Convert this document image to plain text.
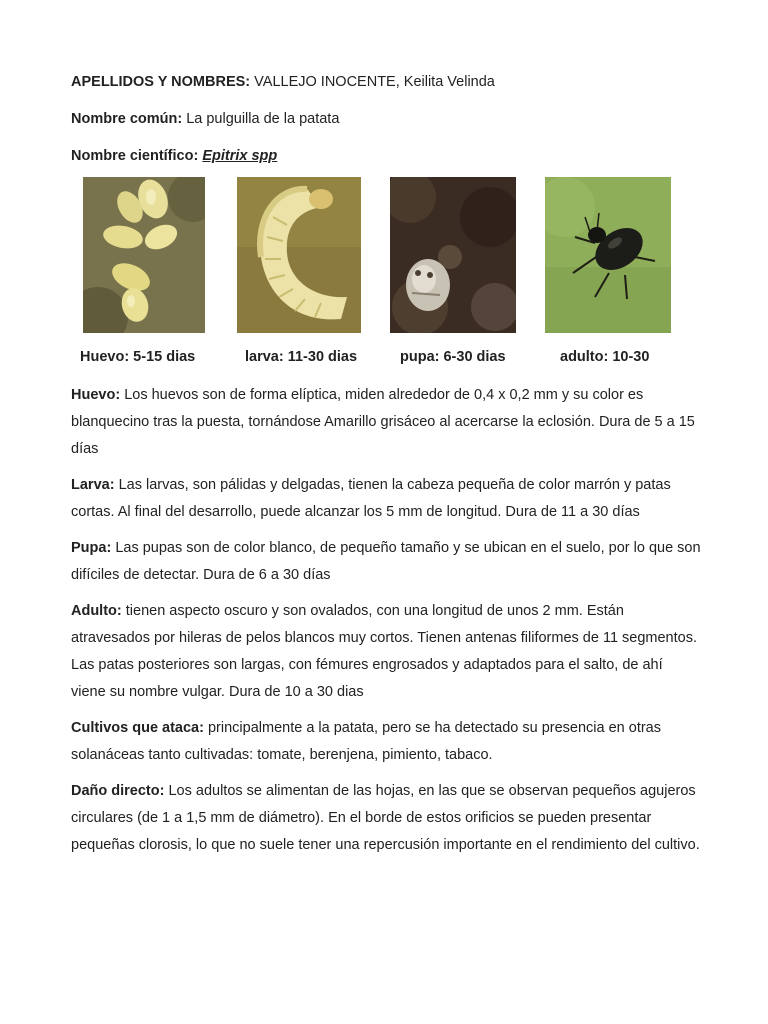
APELLIDOS Y NOMBRES: VALLEJO INOCENTE, Keilita Velinda

Nombre común: La pulguilla de la patata

Nombre científico: Epitrix spp

Huevo: 5-15 dias	larva: 11-30 dias	pupa: 6-30 dias	adulto: 10-30

Huevo: Los huevos son de forma elíptica, miden alrededor de 0,4 x 0,2 mm y su color es blanquecino tras la puesta, tornándose Amarillo grisáceo al acercarse la eclosión. Dura de 5 a 15 días

Larva: Las larvas, son pálidas y delgadas, tienen la cabeza pequeña de color marrón y patas cortas. Al final del desarrollo, puede alcanzar los 5 mm de longitud. Dura de 11 a 30 días

Pupa: Las pupas son de color blanco, de pequeño tamaño y se ubican en el suelo, por lo que son difíciles de detectar. Dura de 6 a 30 días

Adulto: tienen aspecto oscuro y son ovalados, con una longitud de unos 2 mm. Están atravesados por hileras de pelos blancos muy cortos. Tienen antenas filiformes de 11 segmentos. Las patas posteriores son largas, con fémures engrosados y adaptados para el salto, de ahí viene su nombre vulgar. Dura de 10 a 30 dias

Cultivos que ataca: principalmente a la patata, pero se ha detectado su presencia en otras solanáceas tanto cultivadas: tomate, berenjena, pimiento, tabaco.

Daño directo: Los adultos se alimentan de las hojas, en las que se observan pequeños agujeros circulares (de 1 a 1,5 mm de diámetro). En el borde de estos orificios se pueden presentar pequeñas clorosis, lo que no suele tener una repercusión importante en el rendimiento del cultivo.
